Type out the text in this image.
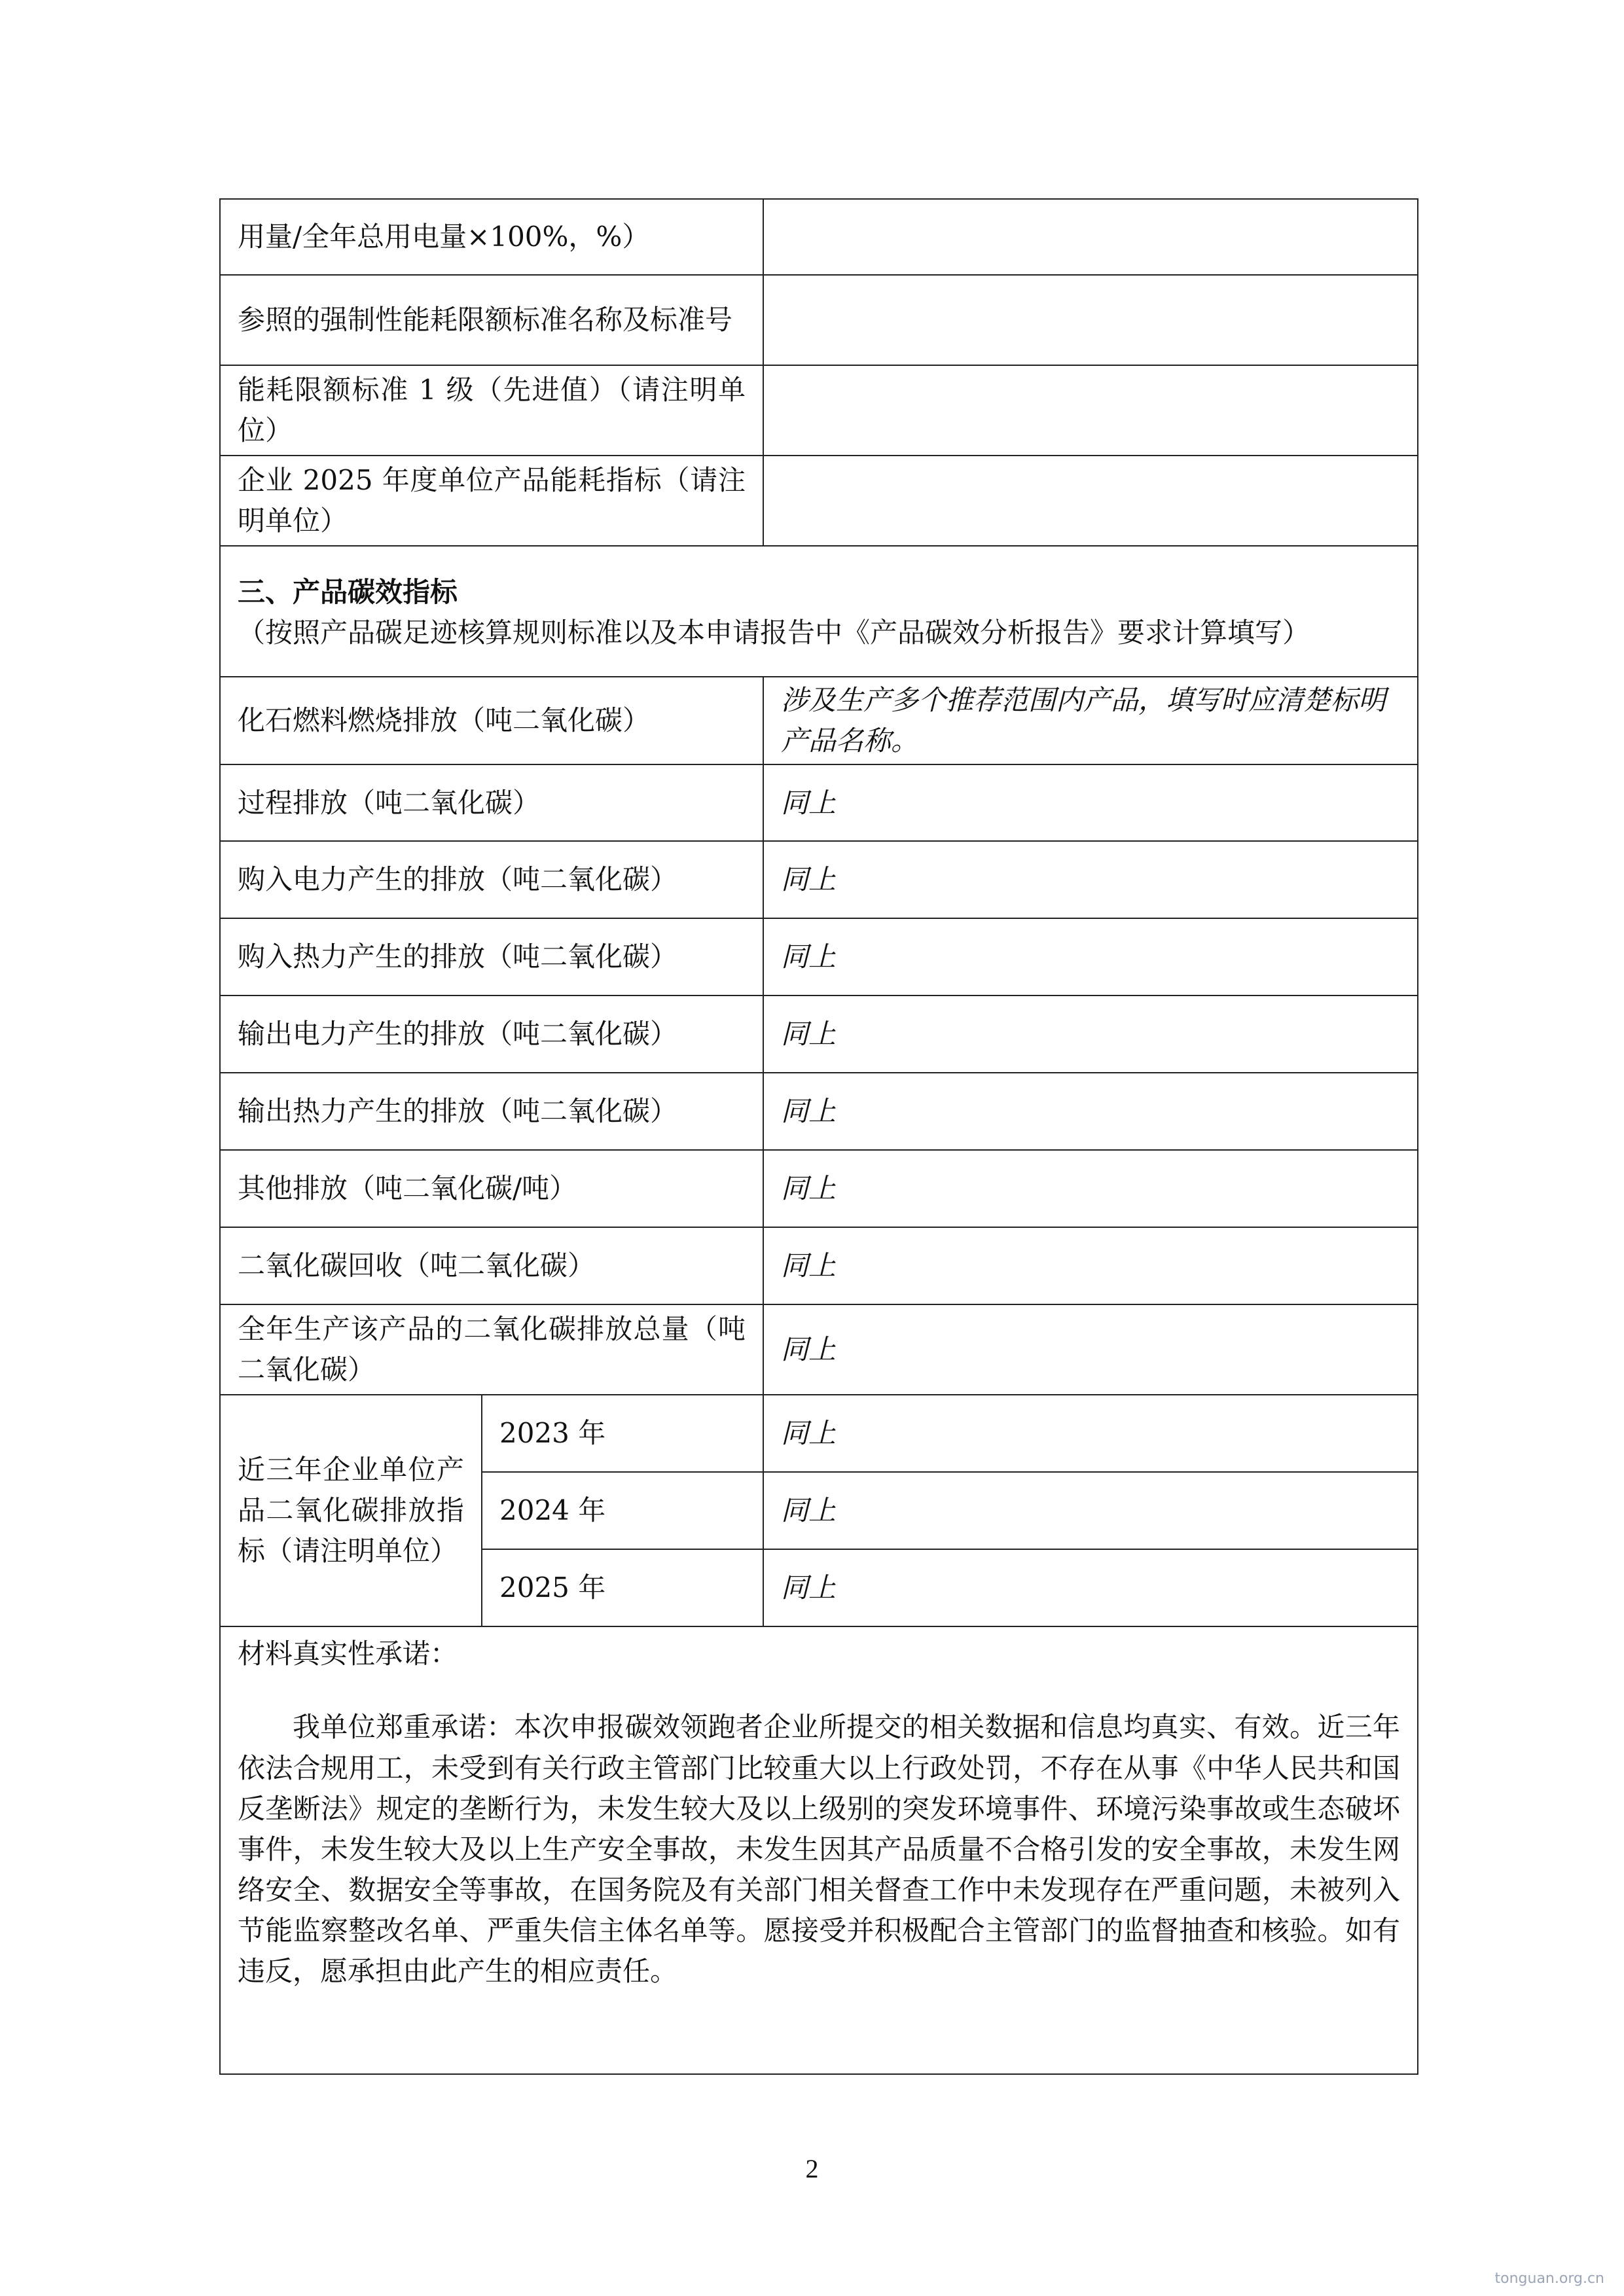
用量/全年总用电量×100%，%）		
参照的强制性能耗限额标准名称及标准号		
能耗限额标准 1 级（先进值）（请注明单位）		
企业 2025 年度单位产品能耗指标（请注明单位）		

三、产品碳效指标
（按照产品碳足迹核算规则标准以及本申请报告中《产品碳效分析报告》要求计算填写）		

化石燃料燃烧排放（吨二氧化碳）		涉及生产多个推荐范围内产品，填写时应清楚标明产品名称。
过程排放（吨二氧化碳）		同上
购入电力产生的排放（吨二氧化碳）		同上
购入热力产生的排放（吨二氧化碳）		同上
输出电力产生的排放（吨二氧化碳）		同上
输出热力产生的排放（吨二氧化碳）		同上
其他排放（吨二氧化碳/吨）		同上
二氧化碳回收（吨二氧化碳）		同上
全年生产该产品的二氧化碳排放总量（吨二氧化碳）		同上
近三年企业单位产品二氧化碳排放指标（请注明单位）	2023 年	同上
	2024 年	同上
	2025 年	同上

材料真实性承诺：

我单位郑重承诺：本次申报碳效领跑者企业所提交的相关数据和信息均真实、有效。近三年依法合规用工，未受到有关行政主管部门比较重大以上行政处罚，不存在从事《中华人民共和国反垄断法》规定的垄断行为，未发生较大及以上级别的突发环境事件、环境污染事故或生态破坏事件，未发生较大及以上生产安全事故，未发生因其产品质量不合格引发的安全事故，未发生网络安全、数据安全等事故，在国务院及有关部门相关督查工作中未发现存在严重问题，未被列入节能监察整改名单、严重失信主体名单等。愿接受并积极配合主管部门的监督抽查和核验。如有违反，愿承担由此产生的相应责任。		

2
tonguan.org.cn
